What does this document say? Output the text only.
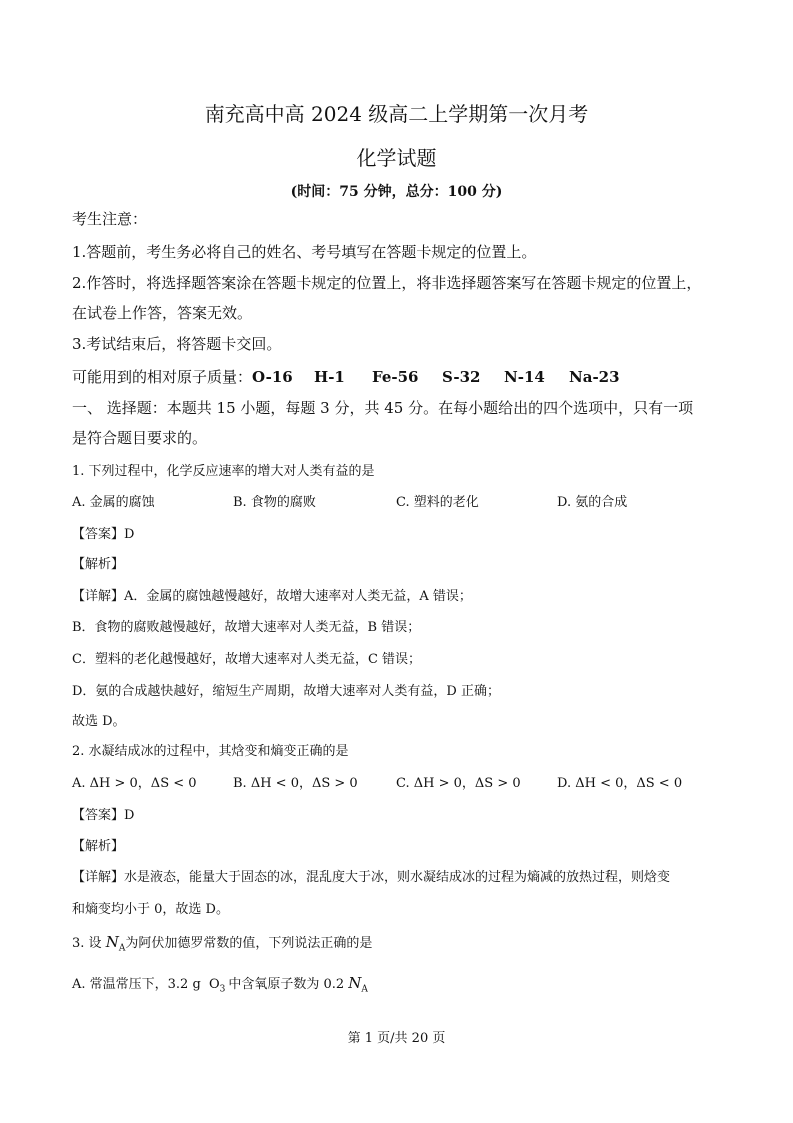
南充高中高 2024 级高二上学期第一次月考
化学试题
(时间：75 分钟，总分：100 分)
考生注意：
1.答题前，考生务必将自己的姓名、考号填写在答题卡规定的位置上。
2.作答时，将选择题答案涂在答题卡规定的位置上，将非选择题答案写在答题卡规定的位置上，
在试卷上作答，答案无效。
3.考试结束后，将答题卡交回。
可能用到的相对原子质量：O-16 H-1 Fe-56 S-32 N-14 Na-23
一、 选择题：本题共 15 小题，每题 3 分，共 45 分。在每小题给出的四个选项中，只有一项
是符合题目要求的。
1. 下列过程中，化学反应速率的增大对人类有益的是
A. 金属的腐蚀	B. 食物的腐败	C. 塑料的老化	D. 氨的合成
【答案】D
【解析】
【详解】A．金属的腐蚀越慢越好，故增大速率对人类无益，A 错误；
B．食物的腐败越慢越好，故增大速率对人类无益，B 错误；
C．塑料的老化越慢越好，故增大速率对人类无益，C 错误；
D．氨的合成越快越好，缩短生产周期，故增大速率对人类有益，D 正确；
故选 D。
2. 水凝结成冰的过程中，其焓变和熵变正确的是
A. ΔH > 0，ΔS < 0	B. ΔH < 0，ΔS > 0	C. ΔH > 0，ΔS > 0	D. ΔH < 0，ΔS < 0
【答案】D
【解析】
【详解】水是液态，能量大于固态的冰，混乱度大于冰，则水凝结成冰的过程为熵减的放热过程，则焓变
和熵变均小于 0，故选 D。
3. 设 $N_A$为阿伏加德罗常数的值，下列说法正确的是
A. 常温常压下，3.2 g $O_3$ 中含氧原子数为 0.2 $N_A$
第 1 页/共 20 页
